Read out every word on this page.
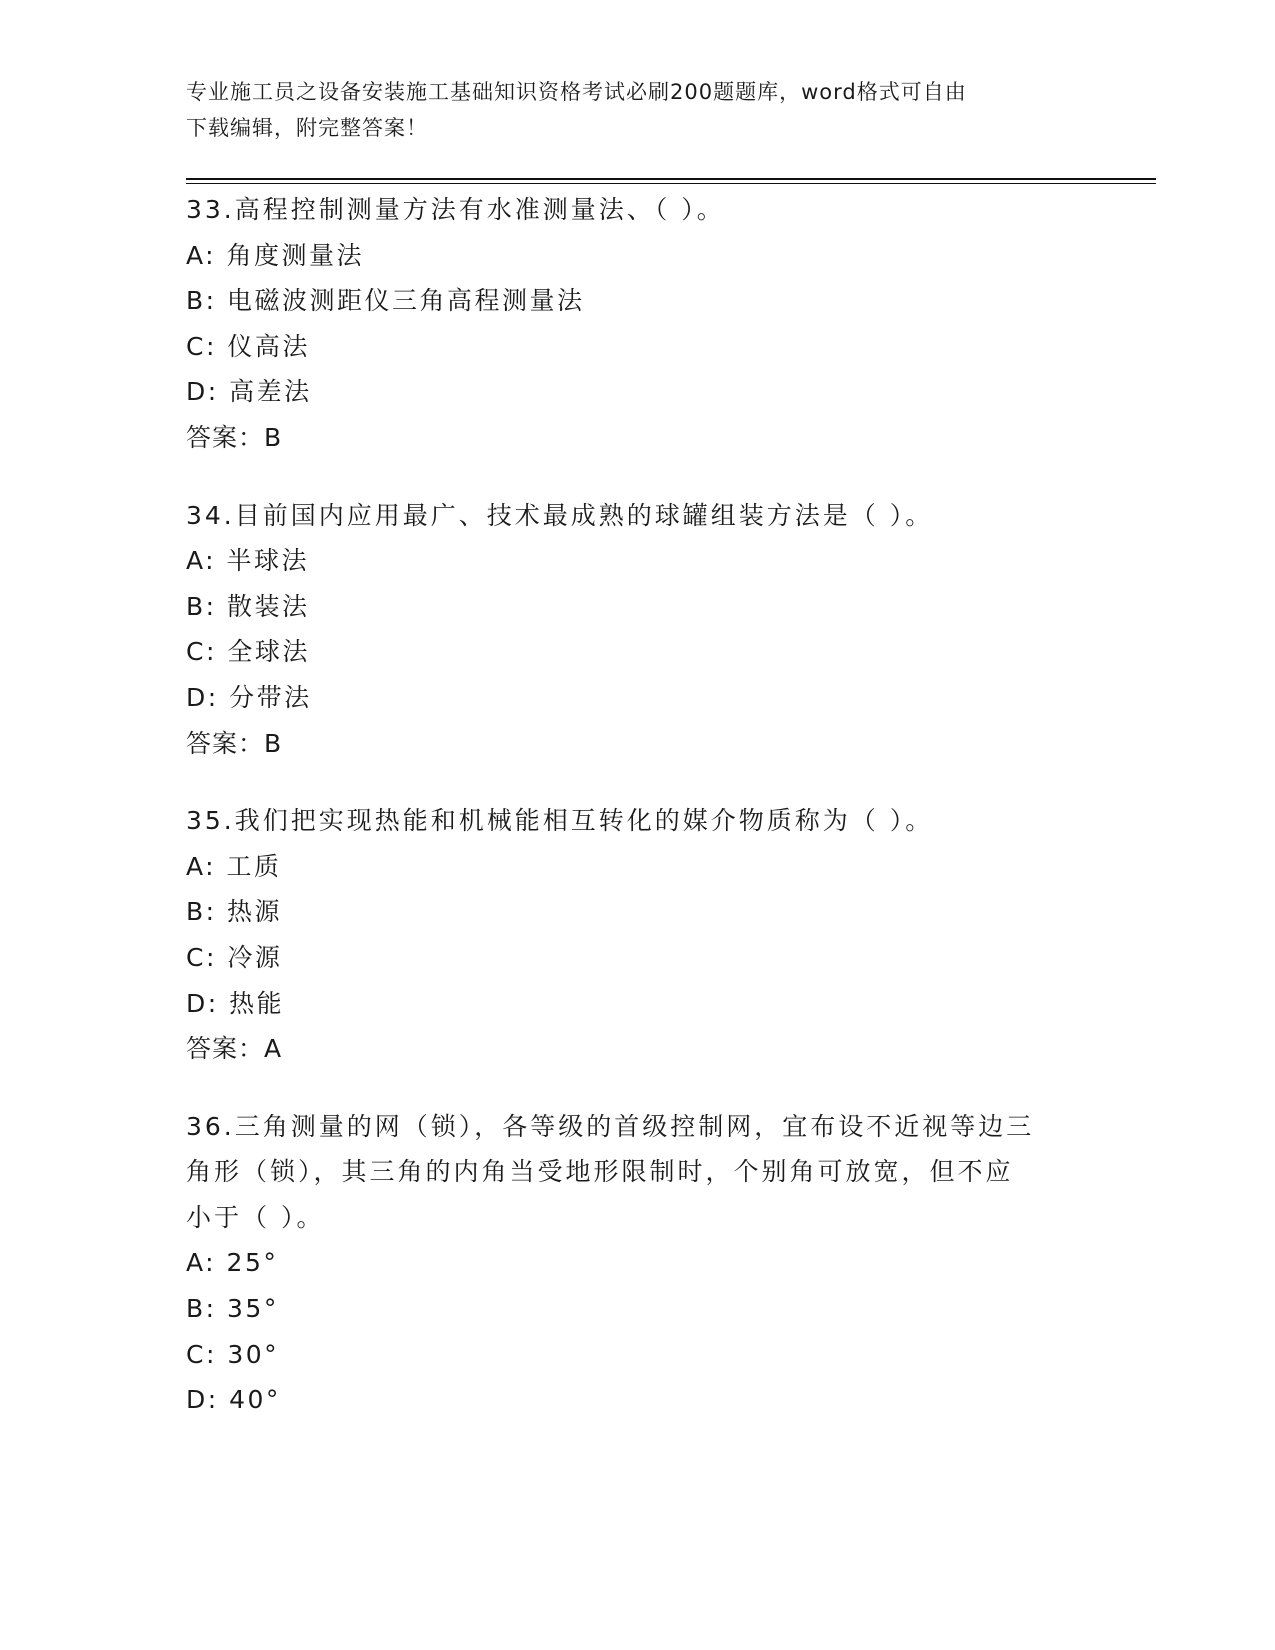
专业施工员之设备安装施工基础知识资格考试必刷200题题库，word格式可自由
下载编辑，附完整答案！
33.高程控制测量方法有水准测量法、（ ）。
A: 角度测量法
B: 电磁波测距仪三角高程测量法
C: 仪高法
D: 高差法
答案：B
34.目前国内应用最广、技术最成熟的球罐组装方法是（ ）。
A: 半球法
B: 散装法
C: 全球法
D: 分带法
答案：B
35.我们把实现热能和机械能相互转化的媒介物质称为（ ）。
A: 工质
B: 热源
C: 冷源
D: 热能
答案：A
36.三角测量的网（锁），各等级的首级控制网，宜布设不近视等边三
角形（锁），其三角的内角当受地形限制时，个别角可放宽，但不应
小于（ ）。
A: 25°
B: 35°
C: 30°
D: 40°
